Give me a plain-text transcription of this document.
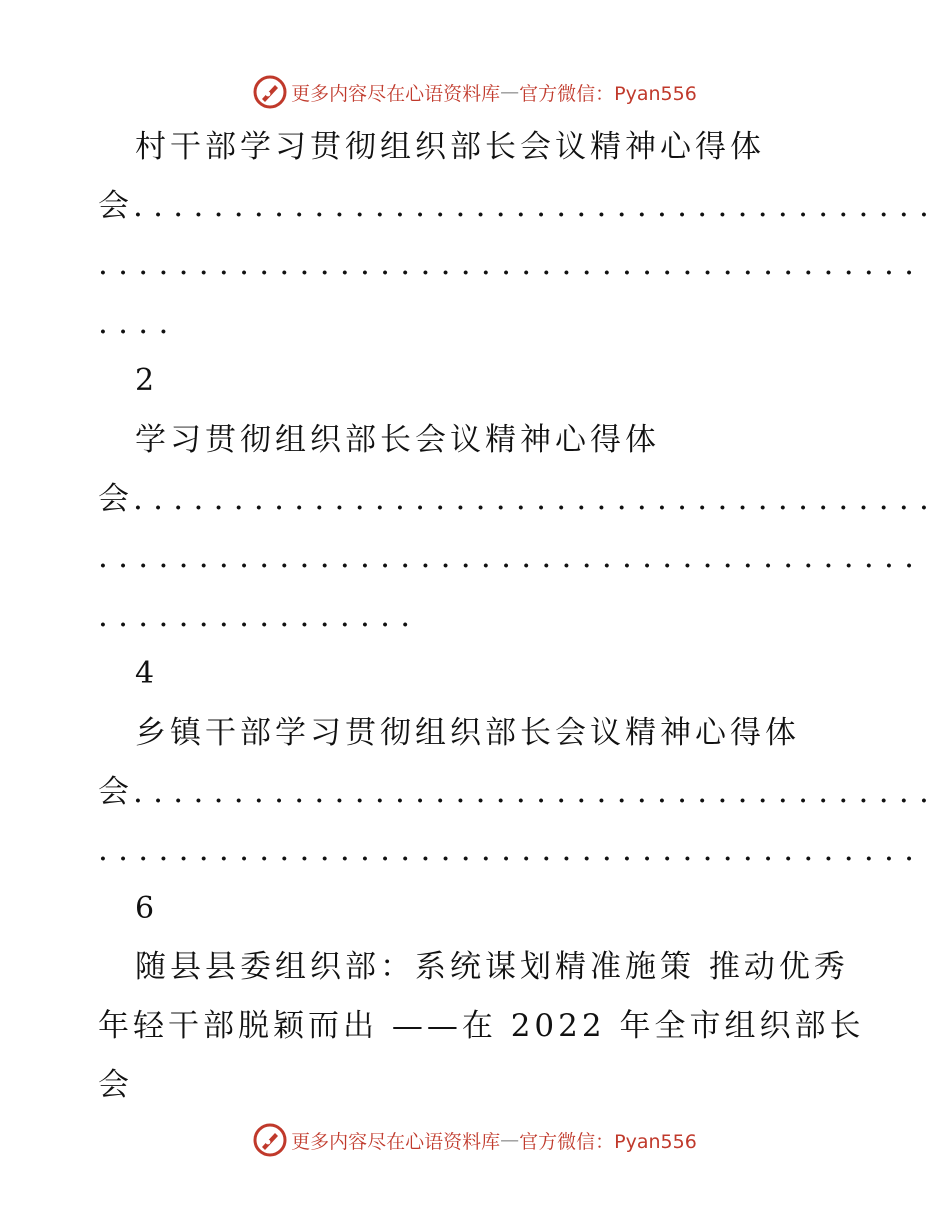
更多内容尽在心语资料库 — 官方微信：Pyan556
村干部学习贯彻组织部长会议精神心得体
会........................................
.........................................
....
2
学习贯彻组织部长会议精神心得体
会........................................
.........................................
................
4
乡镇干部学习贯彻组织部长会议精神心得体
会........................................
.........................................
6
随县县委组织部：系统谋划精准施策 推动优秀
年轻干部脱颖而出 ——在 2022 年全市组织部长
会
更多内容尽在心语资料库 — 官方微信：Pyan556
